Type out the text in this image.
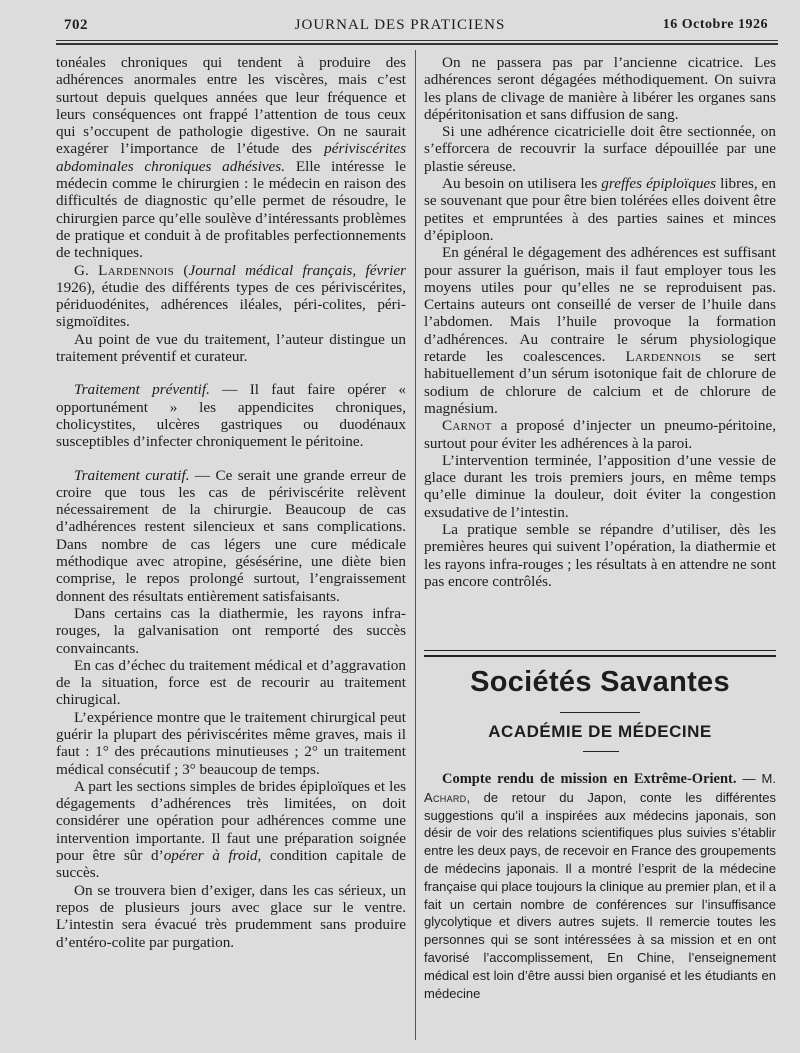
702	JOURNAL DES PRATICIENS	16 Octobre 1926

tonéales chroniques qui tendent à produire des adhérences anormales entre les viscères, mais c’est surtout depuis quelques années que leur fréquence et leurs conséquences ont frappé l’attention de tous ceux qui s’occupent de pathologie digestive. On ne saurait exagérer l’importance de l’étude des périviscérites abdominales chroniques adhésives. Elle intéresse le médecin comme le chirurgien : le médecin en raison des difficultés de diagnostic qu’elle permet de résoudre, le chirurgien parce qu’elle soulève d’intéressants problèmes de pratique et conduit à de profitables perfectionnements de techniques.

G. Lardennois (Journal médical français, février 1926), étudie des différents types de ces périviscérites, périduodénites, adhérences iléales, péri-colites, péri-sigmoïdites.

Au point de vue du traitement, l’auteur distingue un traitement préventif et curateur.

Traitement préventif. — Il faut faire opérer « opportunément » les appendicites chroniques, cholicystites, ulcères gastriques ou duodénaux susceptibles d’infecter chroniquement le péritoine.

Traitement curatif. — Ce serait une grande erreur de croire que tous les cas de périviscérite relèvent nécessairement de la chirurgie. Beaucoup de cas d’adhérences restent silencieux et sans complications. Dans nombre de cas légers une cure médicale méthodique avec atropine, gésésérine, une diète bien comprise, le repos prolongé surtout, l’engraissement donnent des résultats entièrement satisfaisants.

Dans certains cas la diathermie, les rayons infra-rouges, la galvanisation ont remporté des succès convaincants.

En cas d’échec du traitement médical et d’aggravation de la situation, force est de recourir au traitement chirugical.

L’expérience montre que le traitement chirurgical peut guérir la plupart des périviscérites même graves, mais il faut : 1° des précautions minutieuses ; 2° un traitement médical consécutif ; 3° beaucoup de temps.

A part les sections simples de brides épiploïques et les dégagements d’adhérences très limitées, on doit considérer une opération pour adhérences comme une intervention importante. Il faut une préparation soignée pour être sûr d’opérer à froid, condition capitale de succès.

On se trouvera bien d’exiger, dans les cas sérieux, un repos de plusieurs jours avec glace sur le ventre. L’intestin sera évacué très prudemment sans produire d’entéro-colite par purgation.

On ne passera pas par l’ancienne cicatrice. Les adhérences seront dégagées méthodiquement. On suivra les plans de clivage de manière à libérer les organes sans dépéritonisation et sans diffusion de sang.

Si une adhérence cicatricielle doit être sectionnée, on s’efforcera de recouvrir la surface dépouillée par une plastie séreuse.

Au besoin on utilisera les greffes épiploïques libres, en se souvenant que pour être bien tolérées elles doivent être petites et empruntées à des parties saines et minces d’épiploon.

En général le dégagement des adhérences est suffisant pour assurer la guérison, mais il faut employer tous les moyens utiles pour qu’elles ne se reproduisent pas. Certains auteurs ont conseillé de verser de l’huile dans l’abdomen. Mais l’huile provoque la formation d’adhérences. Au contraire le sérum physiologique retarde les coalescences. Lardennois se sert habituellement d’un sérum isotonique fait de chlorure de sodium de chlorure de calcium et de chlorure de magnésium.

Carnot a proposé d’injecter un pneumo-péritoine, surtout pour éviter les adhérences à la paroi.

L’intervention terminée, l’apposition d’une vessie de glace durant les trois premiers jours, en même temps qu’elle diminue la douleur, doit éviter la congestion exsudative de l’intestin.

La pratique semble se répandre d’utiliser, dès les premières heures qui suivent l’opération, la diathermie et les rayons infra-rouges ; les résultats à en attendre ne sont pas encore contrôlés.

Sociétés Savantes
ACADÉMIE DE MÉDECINE

Compte rendu de mission en Extrême-Orient. — M. Achard, de retour du Japon, conte les différentes suggestions qu’il a inspirées aux médecins japonais, son désir de voir des relations scientifiques plus suivies s’établir entre les deux pays, de recevoir en France des groupements de médecins japonais. Il a montré l’esprit de la médecine française qui place toujours la clinique au premier plan, et il a fait un certain nombre de conférences sur l’insuffisance glycolytique et divers autres sujets. Il remercie toutes les personnes qui se sont intéressées à sa mission et en ont favorisé l’accomplissement, En Chine, l’enseignement médical est loin d’être aussi bien organisé et les étudiants en médecine
